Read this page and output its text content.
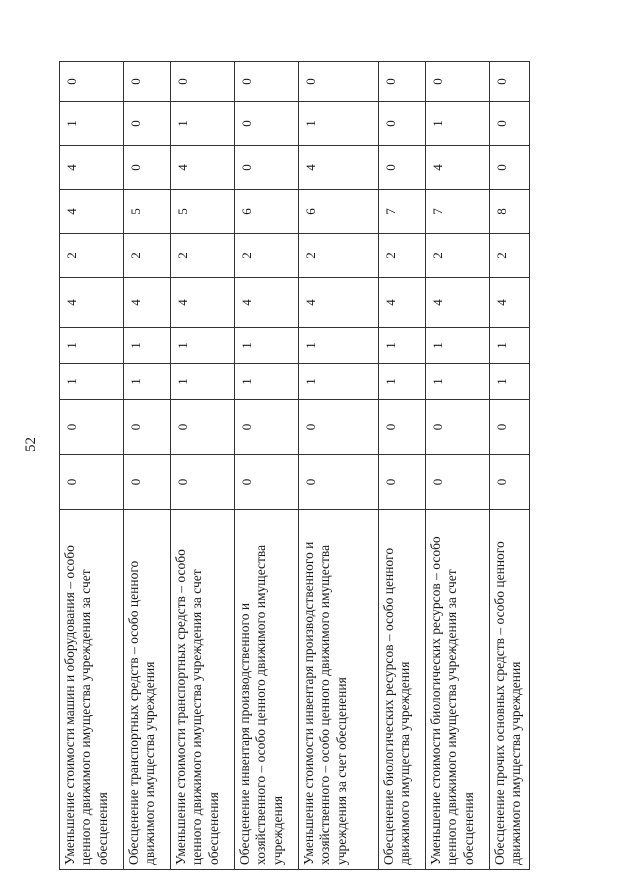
52
Уменьшение стоимости машин и оборудования – особо ценного движимого имущества учреждения за счет обесценения	0	0	1	1	4	2	4	4	1	0
Обесценение транспортных средств – особо ценного движимого имущества учреждения	0	0	1	1	4	2	5	0	0	0
Уменьшение стоимости транспортных средств – особо ценного движимого имущества учреждения за счет обесценения	0	0	1	1	4	2	5	4	1	0
Обесценение инвентаря производственного и хозяйственного – особо ценного движимого имущества учреждения	0	0	1	1	4	2	6	0	0	0
Уменьшение стоимости инвентаря производственного и хозяйственного – особо ценного движимого имущества учреждения за счет обесценения	0	0	1	1	4	2	6	4	1	0
Обесценение биологических ресурсов – особо ценного движимого имущества учреждения	0	0	1	1	4	2	7	0	0	0
Уменьшение стоимости биологических ресурсов – особо ценного движимого имущества учреждения за счет обесценения	0	0	1	1	4	2	7	4	1	0
Обесценение прочих основных средств – особо ценного движимого имущества учреждения	0	0	1	1	4	2	8	0	0	0
